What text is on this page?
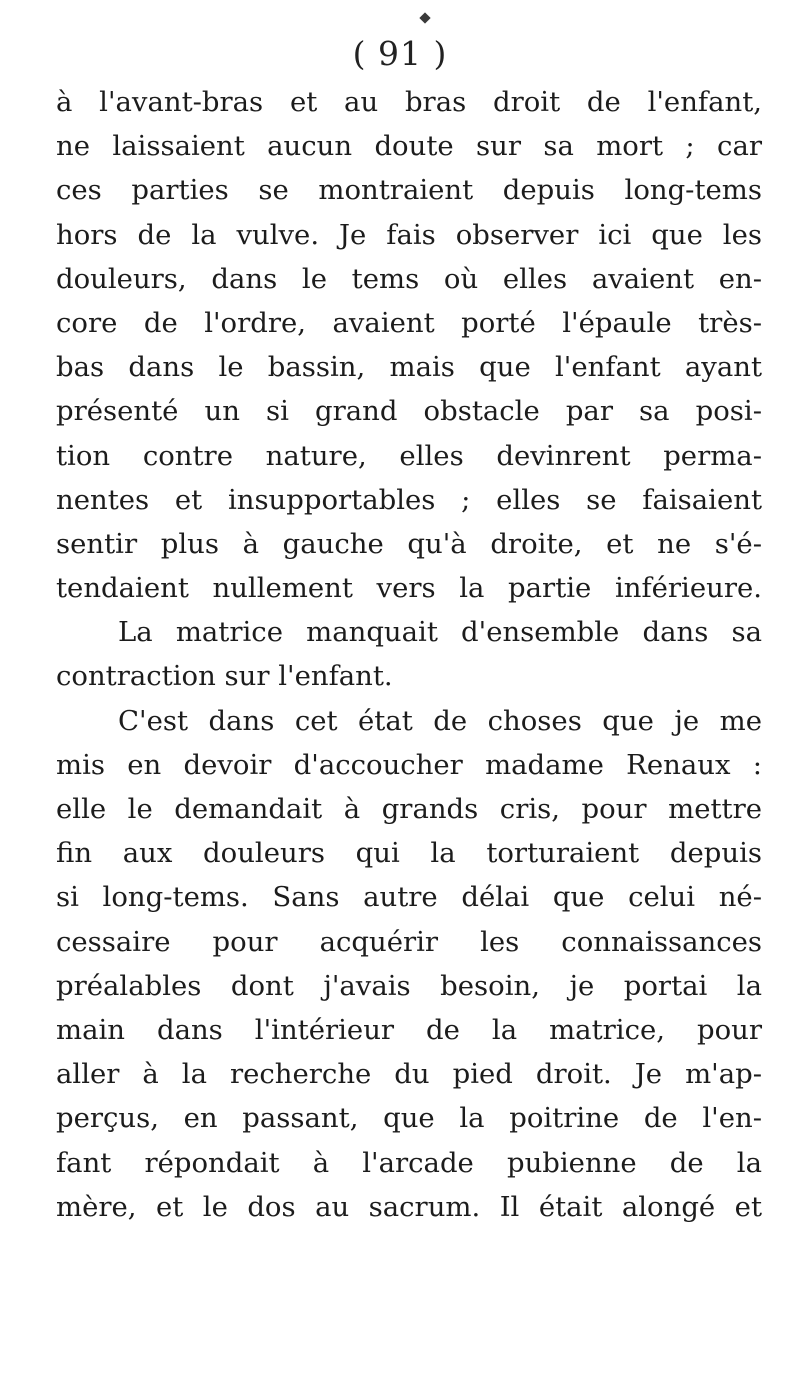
( 91 )
à l'avant-bras et au bras droit de l'enfant,
ne laissaient aucun doute sur sa mort ; car
ces parties se montraient depuis long-tems
hors de la vulve. Je fais observer ici que les
douleurs, dans le tems où elles avaient en-
core de l'ordre, avaient porté l'épaule très-
bas dans le bassin, mais que l'enfant ayant
présenté un si grand obstacle par sa posi-
tion contre nature, elles devinrent perma-
nentes et insupportables ; elles se faisaient
sentir plus à gauche qu'à droite, et ne s'é-
tendaient nullement vers la partie inférieure.
La matrice manquait d'ensemble dans sa
contraction sur l'enfant.
C'est dans cet état de choses que je me
mis en devoir d'accoucher madame Renaux :
elle le demandait à grands cris, pour mettre
fin aux douleurs qui la torturaient depuis
si long-tems. Sans autre délai que celui né-
cessaire pour acquérir les connaissances
préalables dont j'avais besoin, je portai la
main dans l'intérieur de la matrice, pour
aller à la recherche du pied droit. Je m'ap-
perçus, en passant, que la poitrine de l'en-
fant répondait à l'arcade pubienne de la
mère, et le dos au sacrum. Il était alongé et
